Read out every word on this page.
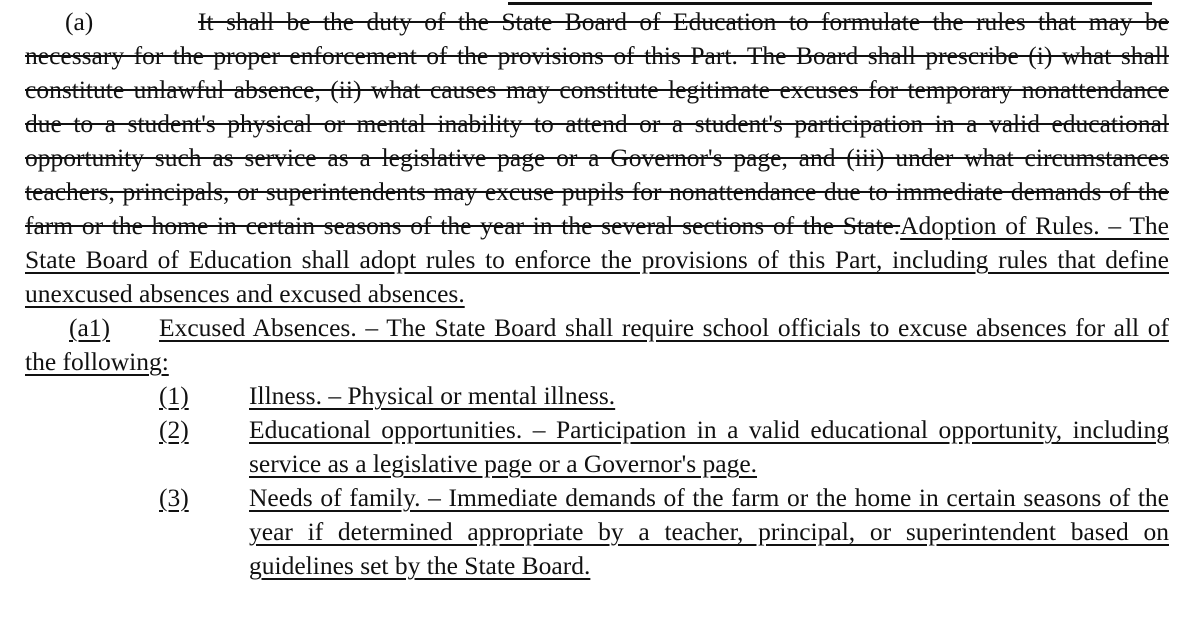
(a)	It shall be the duty of the State Board of Education to formulate the rules that may be necessary for the proper enforcement of the provisions of this Part. The Board shall prescribe (i) what shall constitute unlawful absence, (ii) what causes may constitute legitimate excuses for temporary nonattendance due to a student's physical or mental inability to attend or a student's participation in a valid educational opportunity such as service as a legislative page or a Governor's page, and (iii) under what circumstances teachers, principals, or superintendents may excuse pupils for nonattendance due to immediate demands of the farm or the home in certain seasons of the year in the several sections of the State.Adoption of Rules. – The State Board of Education shall adopt rules to enforce the provisions of this Part, including rules that define unexcused absences and excused absences.

(a1) Excused Absences. – The State Board shall require school officials to excuse absences for all of the following:

(1) Illness. – Physical or mental illness.

(2) Educational opportunities. – Participation in a valid educational opportunity, including service as a legislative page or a Governor's page.

(3) Needs of family. – Immediate demands of the farm or the home in certain seasons of the year if determined appropriate by a teacher, principal, or superintendent based on guidelines set by the State Board.
